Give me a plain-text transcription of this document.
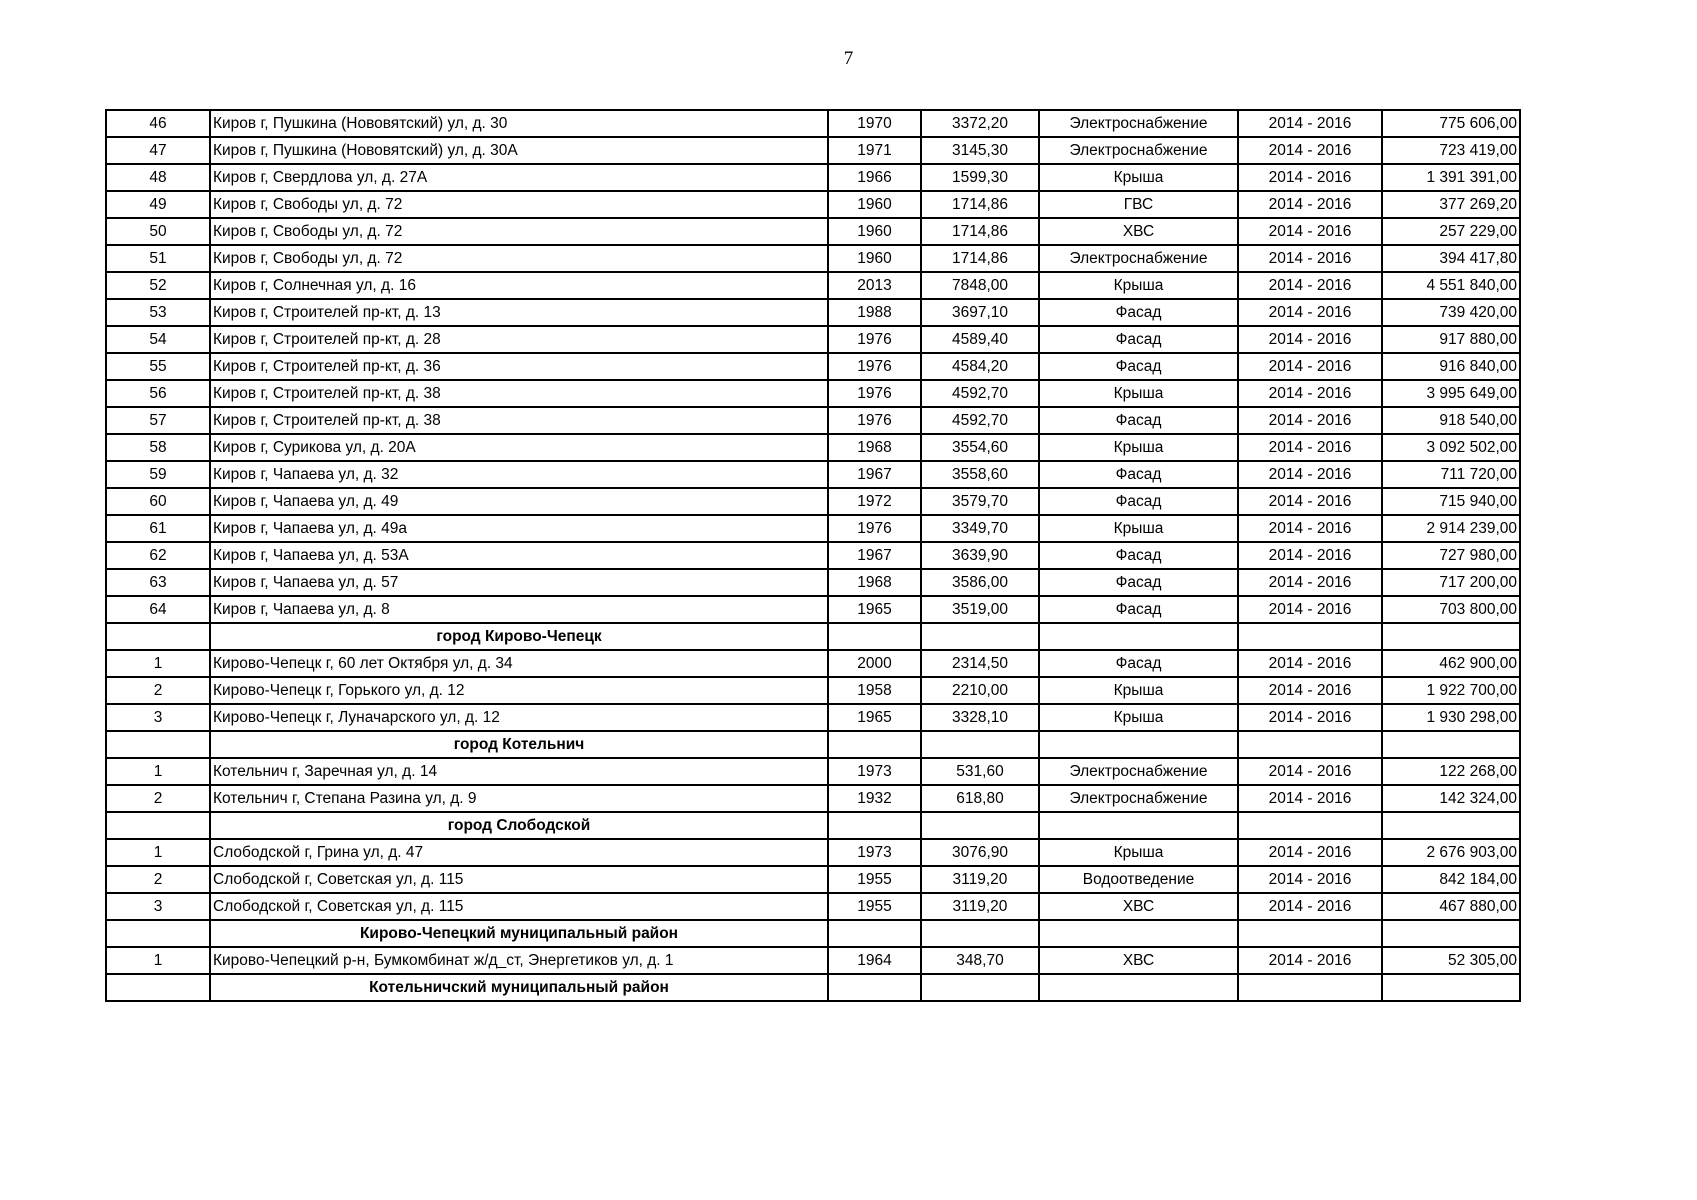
7
46	Киров г, Пушкина (Нововятский) ул, д. 30	1970	3372,20	Электроснабжение	2014 - 2016	775 606,00
47	Киров г, Пушкина (Нововятский) ул, д. 30А	1971	3145,30	Электроснабжение	2014 - 2016	723 419,00
48	Киров г, Свердлова ул, д. 27А	1966	1599,30	Крыша	2014 - 2016	1 391 391,00
49	Киров г, Свободы ул, д. 72	1960	1714,86	ГВС	2014 - 2016	377 269,20
50	Киров г, Свободы ул, д. 72	1960	1714,86	ХВС	2014 - 2016	257 229,00
51	Киров г, Свободы ул, д. 72	1960	1714,86	Электроснабжение	2014 - 2016	394 417,80
52	Киров г, Солнечная ул, д. 16	2013	7848,00	Крыша	2014 - 2016	4 551 840,00
53	Киров г, Строителей пр-кт, д. 13	1988	3697,10	Фасад	2014 - 2016	739 420,00
54	Киров г, Строителей пр-кт, д. 28	1976	4589,40	Фасад	2014 - 2016	917 880,00
55	Киров г, Строителей пр-кт, д. 36	1976	4584,20	Фасад	2014 - 2016	916 840,00
56	Киров г, Строителей пр-кт, д. 38	1976	4592,70	Крыша	2014 - 2016	3 995 649,00
57	Киров г, Строителей пр-кт, д. 38	1976	4592,70	Фасад	2014 - 2016	918 540,00
58	Киров г, Сурикова ул, д. 20А	1968	3554,60	Крыша	2014 - 2016	3 092 502,00
59	Киров г, Чапаева ул, д. 32	1967	3558,60	Фасад	2014 - 2016	711 720,00
60	Киров г, Чапаева ул, д. 49	1972	3579,70	Фасад	2014 - 2016	715 940,00
61	Киров г, Чапаева ул, д. 49а	1976	3349,70	Крыша	2014 - 2016	2 914 239,00
62	Киров г, Чапаева ул, д. 53А	1967	3639,90	Фасад	2014 - 2016	727 980,00
63	Киров г, Чапаева ул, д. 57	1968	3586,00	Фасад	2014 - 2016	717 200,00
64	Киров г, Чапаева ул, д. 8	1965	3519,00	Фасад	2014 - 2016	703 800,00
	город Кирово-Чепецк					
1	Кирово-Чепецк г, 60 лет Октября ул, д. 34	2000	2314,50	Фасад	2014 - 2016	462 900,00
2	Кирово-Чепецк г, Горького ул, д. 12	1958	2210,00	Крыша	2014 - 2016	1 922 700,00
3	Кирово-Чепецк г, Луначарского ул, д. 12	1965	3328,10	Крыша	2014 - 2016	1 930 298,00
	город Котельнич					
1	Котельнич г, Заречная ул, д. 14	1973	531,60	Электроснабжение	2014 - 2016	122 268,00
2	Котельнич г, Степана Разина ул, д. 9	1932	618,80	Электроснабжение	2014 - 2016	142 324,00
	город Слободской					
1	Слободской г, Грина ул, д. 47	1973	3076,90	Крыша	2014 - 2016	2 676 903,00
2	Слободской г, Советская ул, д. 115	1955	3119,20	Водоотведение	2014 - 2016	842 184,00
3	Слободской г, Советская ул, д. 115	1955	3119,20	ХВС	2014 - 2016	467 880,00
	Кирово-Чепецкий муниципальный район					
1	Кирово-Чепецкий р-н, Бумкомбинат ж/д_ст, Энергетиков ул, д. 1	1964	348,70	ХВС	2014 - 2016	52 305,00
	Котельничский муниципальный район					
